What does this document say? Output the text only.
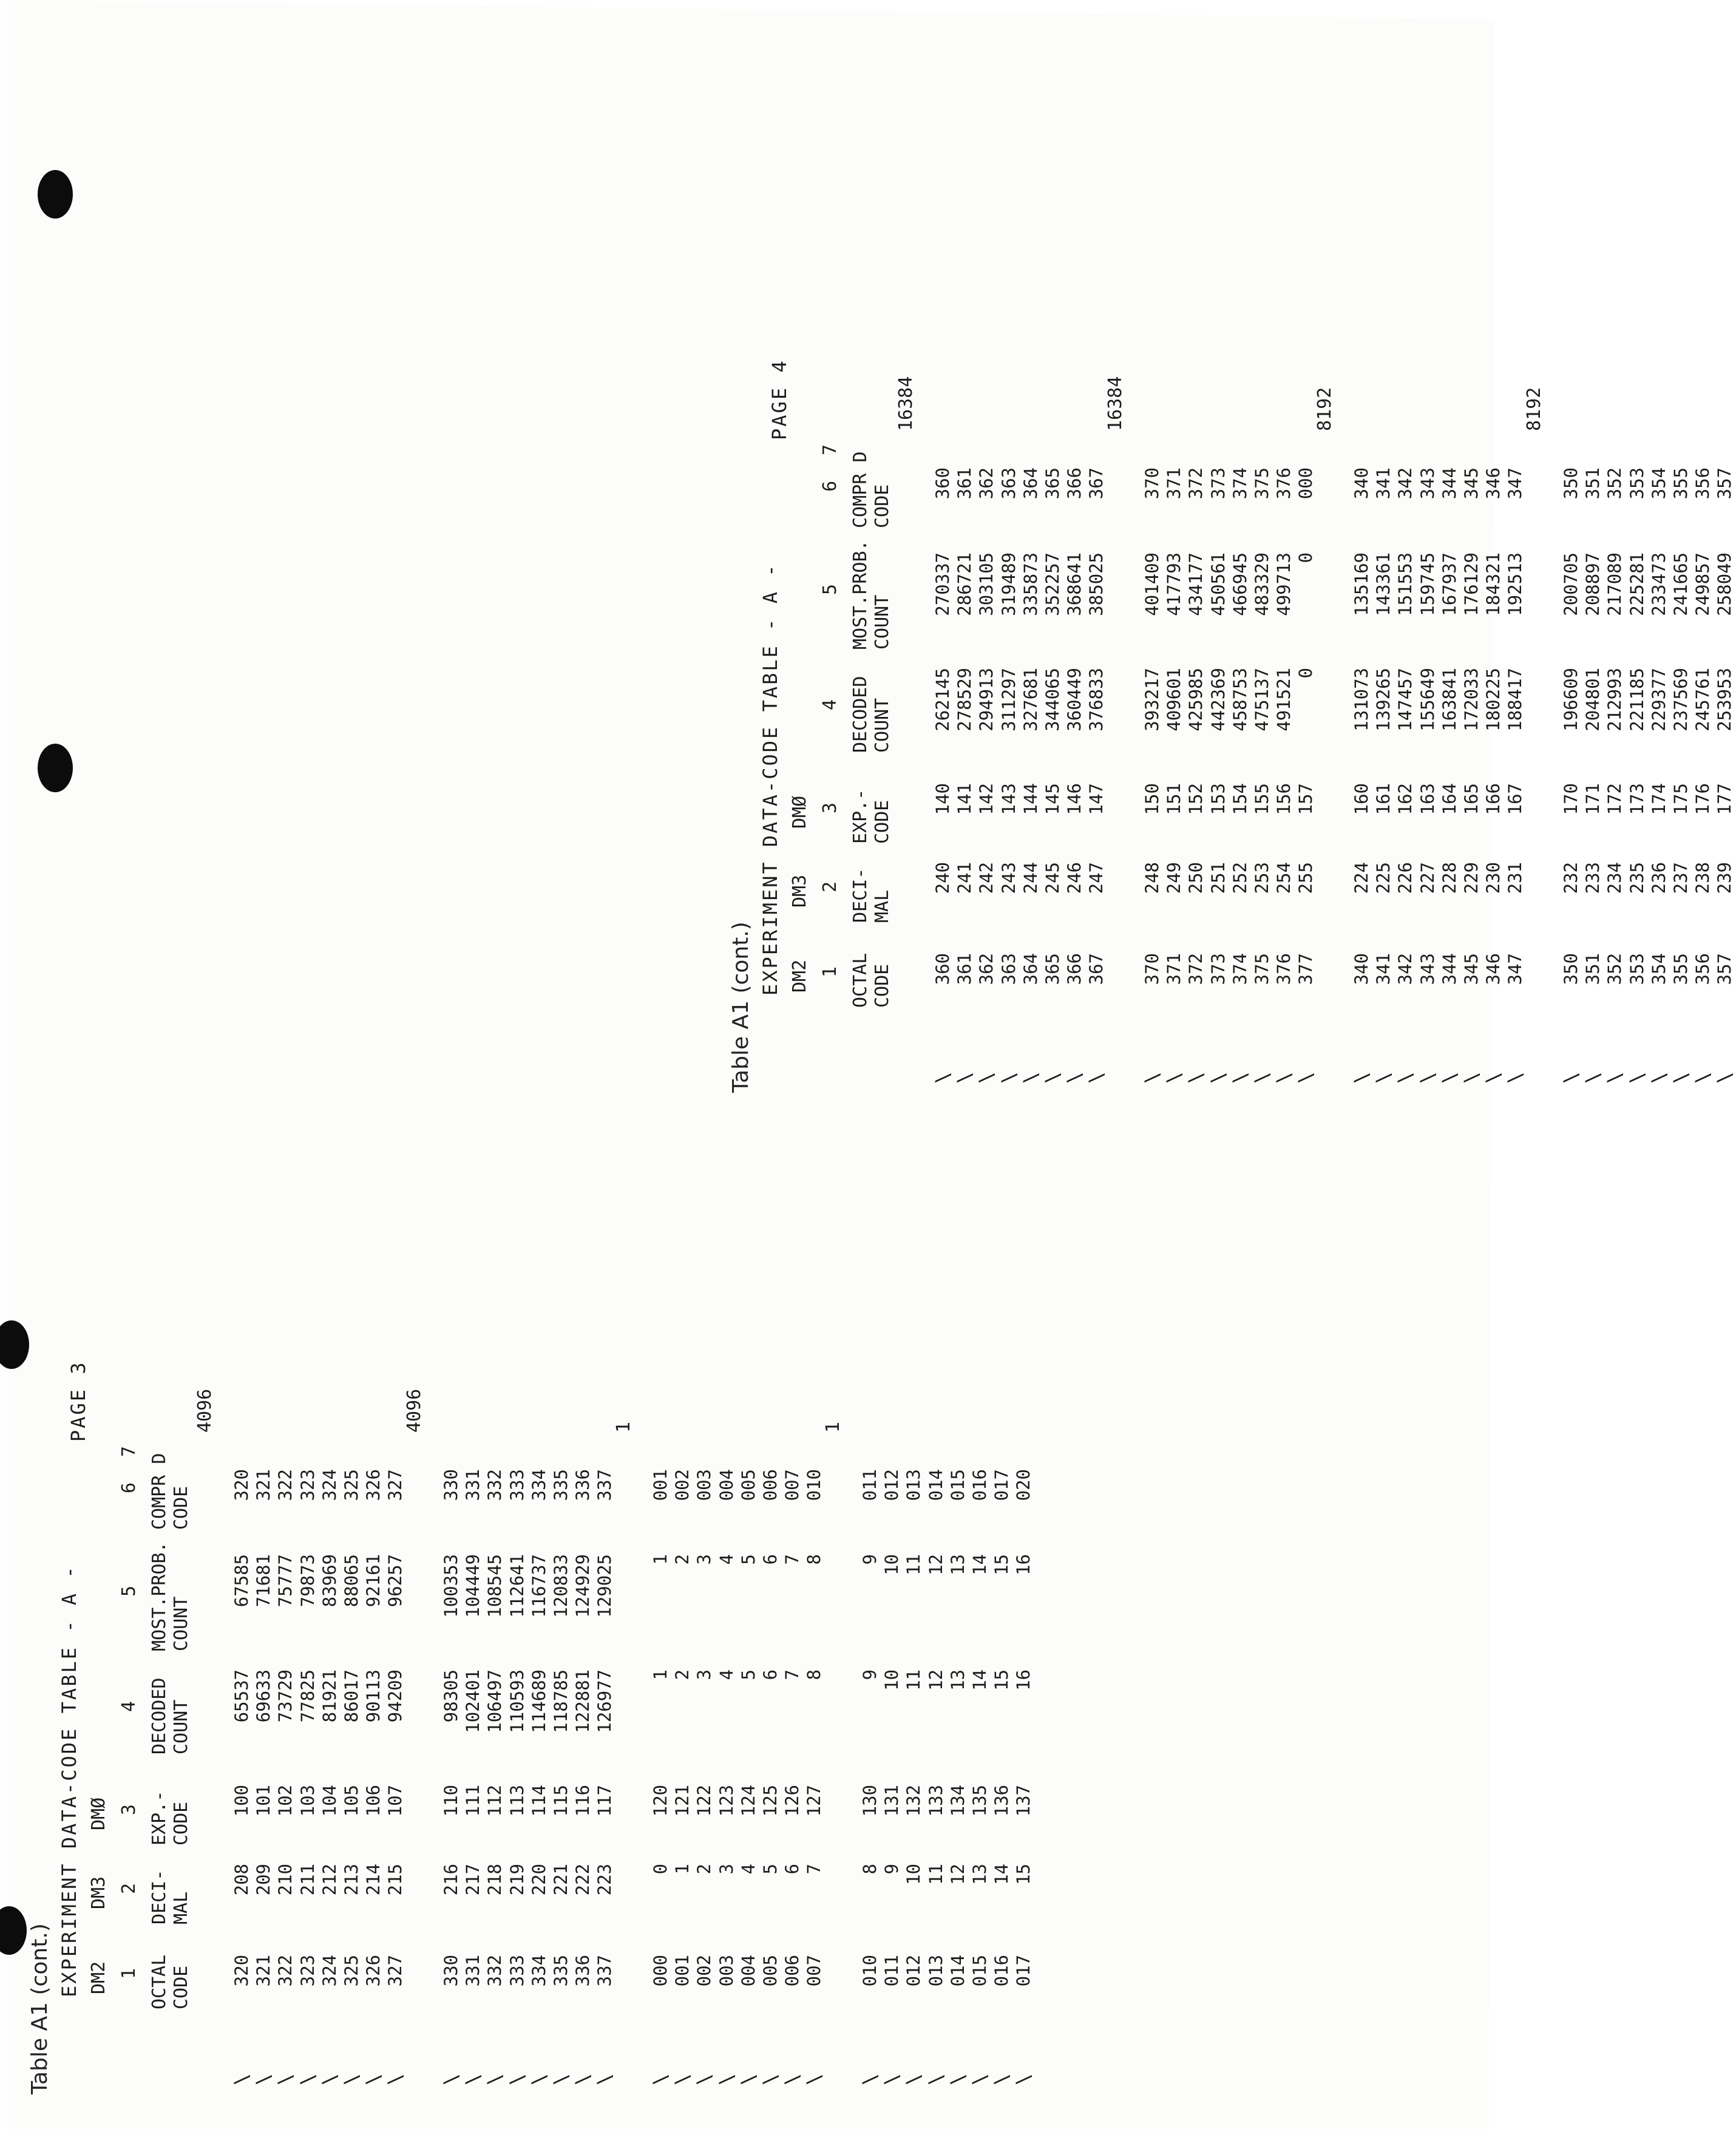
Table A1 (cont.)
EXPERIMENT DATA-CODE TABLE - A -
PAGE 3
DM2
DM3
DMØ
1
2
3
4
5
6
7
OCTAL
CODE
DECI-
MAL
EXP.-
CODE
DECODED
COUNT
MOST.PROB.
COUNT
COMPR D
CODE
\
\
\
\
\
\
\
\
320 321 322 323 324 325 326 327
208 209 210 211 212 213 214 215
100 101 102 103 104 105 106 107
65537 69633 73729 77825 81921 86017 90113 94209
67585 71681 75777 79873 83969 88065 92161 96257
320 321 322 323 324 325 326 327
4096
\
\
\
\
\
\
\
\
330 331 332 333 334 335 336 337
216 217 218 219 220 221 222 223
110 111 112 113 114 115 116 117
98305 102401 106497 110593 114689 118785 122881 126977
100353 104449 108545 112641 116737 120833 124929 129025
330 331 332 333 334 335 336 337
4096
\
\
\
\
\
\
\
\
000 001 002 003 004 005 006 007
0 1 2 3 4 5 6 7
120 121 122 123 124 125 126 127
1 2 3 4 5 6 7 8
1 2 3 4 5 6 7 8
001 002 003 004 005 006 007 010
1
\
\
\
\
\
\
\
\
010 011 012 013 014 015 016 017
8 9 10 11 12 13 14 15
130 131 132 133 134 135 136 137
9 10 11 12 13 14 15 16
9 10 11 12 13 14 15 16
011 012 013 014 015 016 017 020
1
Table A1 (cont.)
EXPERIMENT DATA-CODE TABLE - A -
PAGE 4
DM2
DM3
DMØ
1
2
3
4
5
6
7
OCTAL
CODE
DECI-
MAL
EXP.-
CODE
DECODED
COUNT
MOST.PROB.
COUNT
COMPR D
CODE
\
\
\
\
\
\
\
\
360 361 362 363 364 365 366 367
240 241 242 243 244 245 246 247
140 141 142 143 144 145 146 147
262145 278529 294913 311297 327681 344065 360449 376833
270337 286721 303105 319489 335873 352257 368641 385025
360 361 362 363 364 365 366 367
16384
\
\
\
\
\
\
\
\
370 371 372 373 374 375 376 377
248 249 250 251 252 253 254 255
150 151 152 153 154 155 156 157
393217 409601 425985 442369 458753 475137 491521 0
401409 417793 434177 450561 466945 483329 499713 0
370 371 372 373 374 375 376 000
16384
\
\
\
\
\
\
\
\
340 341 342 343 344 345 346 347
224 225 226 227 228 229 230 231
160 161 162 163 164 165 166 167
131073 139265 147457 155649 163841 172033 180225 188417
135169 143361 151553 159745 167937 176129 184321 192513
340 341 342 343 344 345 346 347
8192
\
\
\
\
\
\
\
\
350 351 352 353 354 355 356 357
232 233 234 235 236 237 238 239
170 171 172 173 174 175 176 177
196609 204801 212993 221185 229377 237569 245761 253953
200705 208897 217089 225281 233473 241665 249857 258049
350 351 352 353 354 355 356 357
8192
